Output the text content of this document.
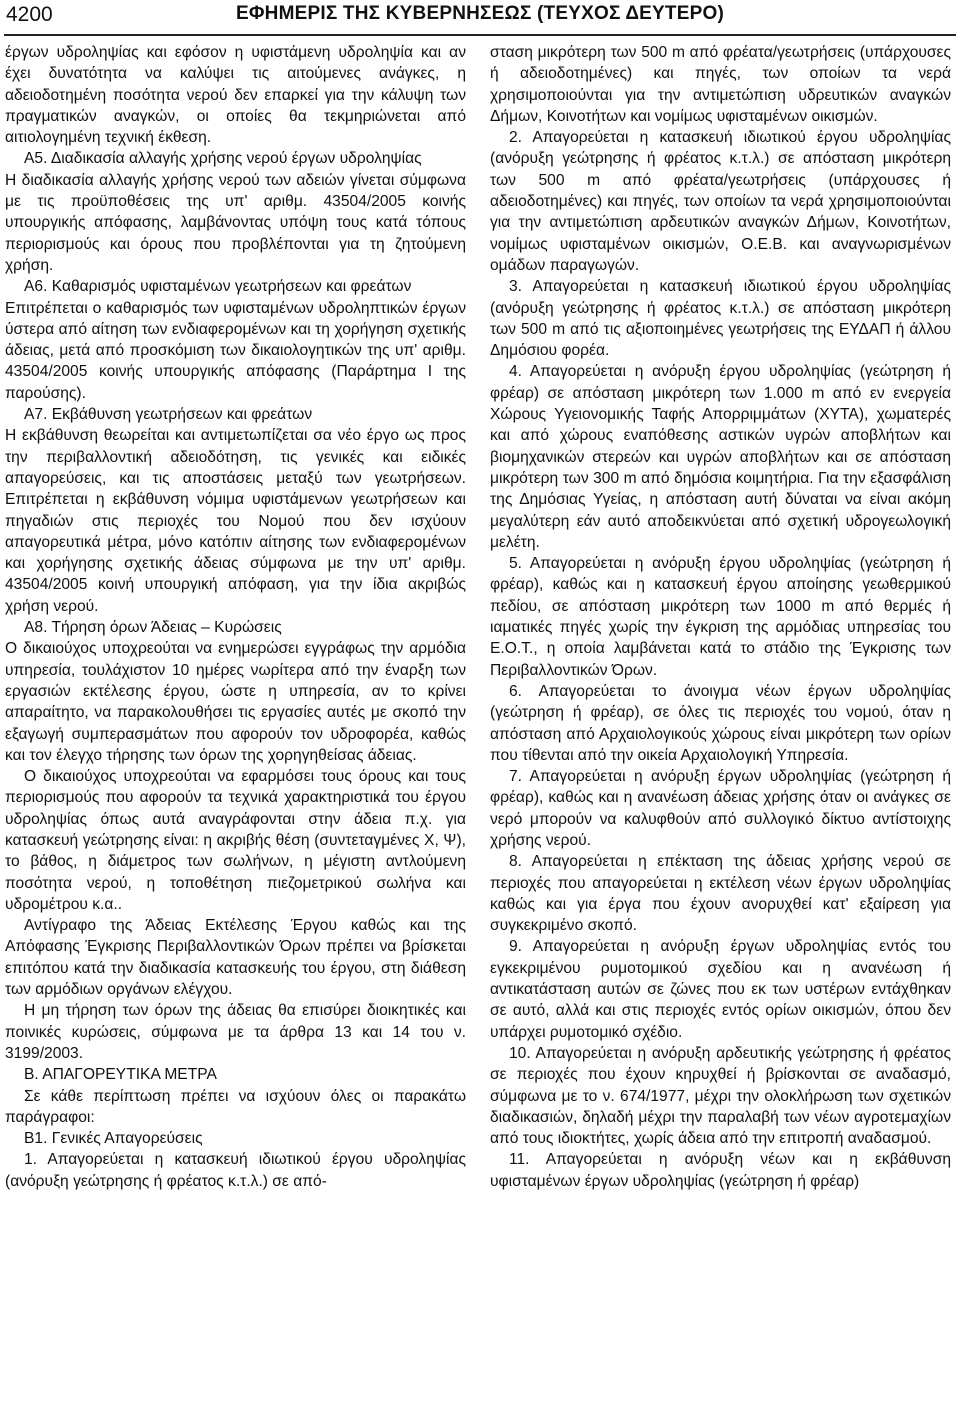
4200	ΕΦΗΜΕΡΙΣ ΤΗΣ ΚΥΒΕΡΝΗΣΕΩΣ (ΤΕΥΧΟΣ ΔΕΥΤΕΡΟ)

έργων υδροληψίας και εφόσον η υφιστάμενη υδροληψία και αν έχει δυνατότητα να καλύψει τις αιτούμενες ανάγκες, η αδειοδοτημένη ποσότητα νερού δεν επαρκεί για την κάλυψη των πραγματικών αναγκών, οι οποίες θα τεκμηριώνεται από αιτιολογημένη τεχνική έκθεση.

Α5. Διαδικασία αλλαγής χρήσης νερού έργων υδροληψίας

Η διαδικασία αλλαγής χρήσης νερού των αδειών γίνεται σύμφωνα με τις προϋποθέσεις της υπ' αριθμ. 43504/2005 κοινής υπουργικής απόφασης, λαμβάνοντας υπόψη τους κατά τόπους περιορισμούς και όρους που προβλέπονται για τη ζητούμενη χρήση.

Α6. Καθαρισμός υφισταμένων γεωτρήσεων και φρεάτων

Επιτρέπεται ο καθαρισμός των υφισταμένων υδροληπτικών έργων ύστερα από αίτηση των ενδιαφερομένων και τη χορήγηση σχετικής άδειας, μετά από προσκόμιση των δικαιολογητικών της υπ' αριθμ. 43504/2005 κοινής υπουργικής απόφασης (Παράρτημα Ι της παρούσης).

Α7. Εκβάθυνση γεωτρήσεων και φρεάτων

Η εκβάθυνση θεωρείται και αντιμετωπίζεται σα νέο έργο ως προς την περιβαλλοντική αδειοδότηση, τις γενικές και ειδικές απαγορεύσεις, και τις αποστάσεις μεταξύ των γεωτρήσεων. Επιτρέπεται η εκβάθυνση νόμιμα υφιστάμενων γεωτρήσεων και πηγαδιών στις περιοχές του Νομού που δεν ισχύουν απαγορευτικά μέτρα, μόνο κατόπιν αίτησης των ενδιαφερομένων και χορήγησης σχετικής άδειας σύμφωνα με την υπ' αριθμ. 43504/2005 κοινή υπουργική απόφαση, για την ίδια ακριβώς χρήση νερού.

Α8. Τήρηση όρων Άδειας – Κυρώσεις

Ο δικαιούχος υποχρεούται να ενημερώσει εγγράφως την αρμόδια υπηρεσία, τουλάχιστον 10 ημέρες νωρίτερα από την έναρξη των εργασιών εκτέλεσης έργου, ώστε η υπηρεσία, αν το κρίνει απαραίτητο, να παρακολουθήσει τις εργασίες αυτές με σκοπό την εξαγωγή συμπερασμάτων που αφορούν τον υδροφορέα, καθώς και τον έλεγχο τήρησης των όρων της χορηγηθείσας άδειας.

Ο δικαιούχος υποχρεούται να εφαρμόσει τους όρους και τους περιορισμούς που αφορούν τα τεχνικά χαρακτηριστικά του έργου υδροληψίας όπως αυτά αναγράφονται στην άδεια π.χ. για κατασκευή γεώτρησης είναι: η ακριβής θέση (συντεταγμένες Χ, Ψ), το βάθος, η διάμετρος των σωλήνων, η μέγιστη αντλούμενη ποσότητα νερού, η τοποθέτηση πιεζομετρικού σωλήνα και υδρομέτρου κ.α..

Αντίγραφο της Άδειας Εκτέλεσης Έργου καθώς και της Απόφασης Έγκρισης Περιβαλλοντικών Όρων πρέπει να βρίσκεται επιτόπου κατά την διαδικασία κατασκευής του έργου, στη διάθεση των αρμόδιων οργάνων ελέγχου.

Η μη τήρηση των όρων της άδειας θα επισύρει διοικητικές και ποινικές κυρώσεις, σύμφωνα με τα άρθρα 13 και 14 του ν. 3199/2003.

Β. ΑΠΑΓΟΡΕΥΤΙΚΑ ΜΕΤΡΑ

Σε κάθε περίπτωση πρέπει να ισχύουν όλες οι παρακάτω παράγραφοι:

Β1. Γενικές Απαγορεύσεις

1. Απαγορεύεται η κατασκευή ιδιωτικού έργου υδροληψίας (ανόρυξη γεώτρησης ή φρέατος κ.τ.λ.) σε από-

σταση μικρότερη των 500 m από φρέατα/γεωτρήσεις (υπάρχουσες ή αδειοδοτημένες) και πηγές, των οποίων τα νερά χρησιμοποιούνται για την αντιμετώπιση υδρευτικών αναγκών Δήμων, Κοινοτήτων και νομίμως υφισταμένων οικισμών.

2. Απαγορεύεται η κατασκευή ιδιωτικού έργου υδροληψίας (ανόρυξη γεώτρησης ή φρέατος κ.τ.λ.) σε απόσταση μικρότερη των 500 m από φρέατα/γεωτρήσεις (υπάρχουσες ή αδειοδοτημένες) και πηγές, των οποίων τα νερά χρησιμοποιούνται για την αντιμετώπιση αρδευτικών αναγκών Δήμων, Κοινοτήτων, νομίμως υφισταμένων οικισμών, Ο.Ε.Β. και αναγνωρισμένων ομάδων παραγωγών.

3. Απαγορεύεται η κατασκευή ιδιωτικού έργου υδροληψίας (ανόρυξη γεώτρησης ή φρέατος κ.τ.λ.) σε απόσταση μικρότερη των 500 m από τις αξιοποιημένες γεωτρήσεις της ΕΥΔΑΠ ή άλλου Δημόσιου φορέα.

4. Απαγορεύεται η ανόρυξη έργου υδροληψίας (γεώτρηση ή φρέαρ) σε απόσταση μικρότερη των 1.000 m από εν ενεργεία Χώρους Υγειονομικής Ταφής Απορριμμάτων (ΧΥΤΑ), χωματερές και από χώρους εναπόθεσης αστικών υγρών αποβλήτων και βιομηχανικών στερεών και υγρών αποβλήτων και σε απόσταση μικρότερη των 300 m από δημόσια κοιμητήρια. Για την εξασφάλιση της Δημόσιας Υγείας, η απόσταση αυτή δύναται να είναι ακόμη μεγαλύτερη εάν αυτό αποδεικνύεται από σχετική υδρογεωλογική μελέτη.

5. Απαγορεύεται η ανόρυξη έργου υδροληψίας (γεώτρηση ή φρέαρ), καθώς και η κατασκευή έργου αποίησης γεωθερμικού πεδίου, σε απόσταση μικρότερη των 1000 m από θερμές ή ιαματικές πηγές χωρίς την έγκριση της αρμόδιας υπηρεσίας του Ε.Ο.Τ., η οποία λαμβάνεται κατά το στάδιο της Έγκρισης των Περιβαλλοντικών Όρων.

6. Απαγορεύεται το άνοιγμα νέων έργων υδροληψίας (γεώτρηση ή φρέαρ), σε όλες τις περιοχές του νομού, όταν η απόσταση από Αρχαιολογικούς χώρους είναι μικρότερη των ορίων που τίθενται από την οικεία Αρχαιολογική Υπηρεσία.

7. Απαγορεύεται η ανόρυξη έργων υδροληψίας (γεώτρηση ή φρέαρ), καθώς και η ανανέωση άδειας χρήσης όταν οι ανάγκες σε νερό μπορούν να καλυφθούν από συλλογικό δίκτυο αντίστοιχης χρήσης νερού.

8. Απαγορεύεται η επέκταση της άδειας χρήσης νερού σε περιοχές που απαγορεύεται η εκτέλεση νέων έργων υδροληψίας καθώς και για έργα που έχουν ανορυχθεί κατ' εξαίρεση για συγκεκριμένο σκοπό.

9. Απαγορεύεται η ανόρυξη έργων υδροληψίας εντός του εγκεκριμένου ρυμοτομικού σχεδίου και η ανανέωση ή αντικατάσταση αυτών σε ζώνες που εκ των υστέρων εντάχθηκαν σε αυτό, αλλά και στις περιοχές εντός ορίων οικισμών, όπου δεν υπάρχει ρυμοτομικό σχέδιο.

10. Απαγορεύεται η ανόρυξη αρδευτικής γεώτρησης ή φρέατος σε περιοχές που έχουν κηρυχθεί ή βρίσκονται σε αναδασμό, σύμφωνα με το ν. 674/1977, μέχρι την ολοκλήρωση των σχετικών διαδικασιών, δηλαδή μέχρι την παραλαβή των νέων αγροτεμαχίων από τους ιδιοκτήτες, χωρίς άδεια από την επιτροπή αναδασμού.

11. Απαγορεύεται η ανόρυξη νέων και η εκβάθυνση υφισταμένων έργων υδροληψίας (γεώτρηση ή φρέαρ)
